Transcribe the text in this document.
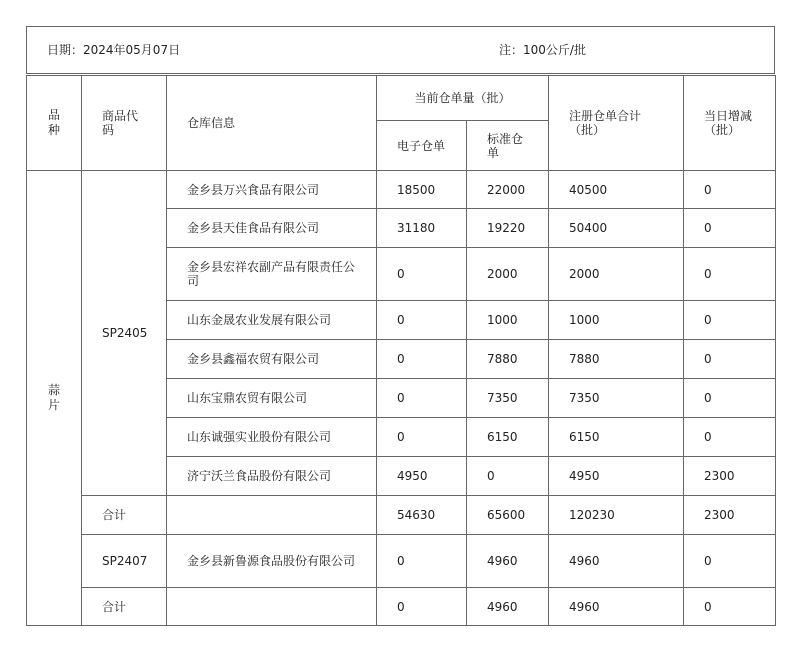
日期：2024年05月07日	注：100公斤/批
品种	商品代码	仓库信息	当前仓单量（批）		注册仓单合计（批）	当日增减（批）
			电子仓单	标准仓单		
蒜片	SP2405	金乡县万兴食品有限公司	18500	22000	40500	0
		金乡县天佳食品有限公司	31180	19220	50400	0
		金乡县宏祥农副产品有限责任公司	0	2000	2000	0
		山东金晟农业发展有限公司	0	1000	1000	0
		金乡县鑫福农贸有限公司	0	7880	7880	0
		山东宝鼎农贸有限公司	0	7350	7350	0
		山东诚强实业股份有限公司	0	6150	6150	0
		济宁沃兰食品股份有限公司	4950	0	4950	2300
	合计		54630	65600	120230	2300
	SP2407	金乡县新鲁源食品股份有限公司	0	4960	4960	0
	合计		0	4960	4960	0
